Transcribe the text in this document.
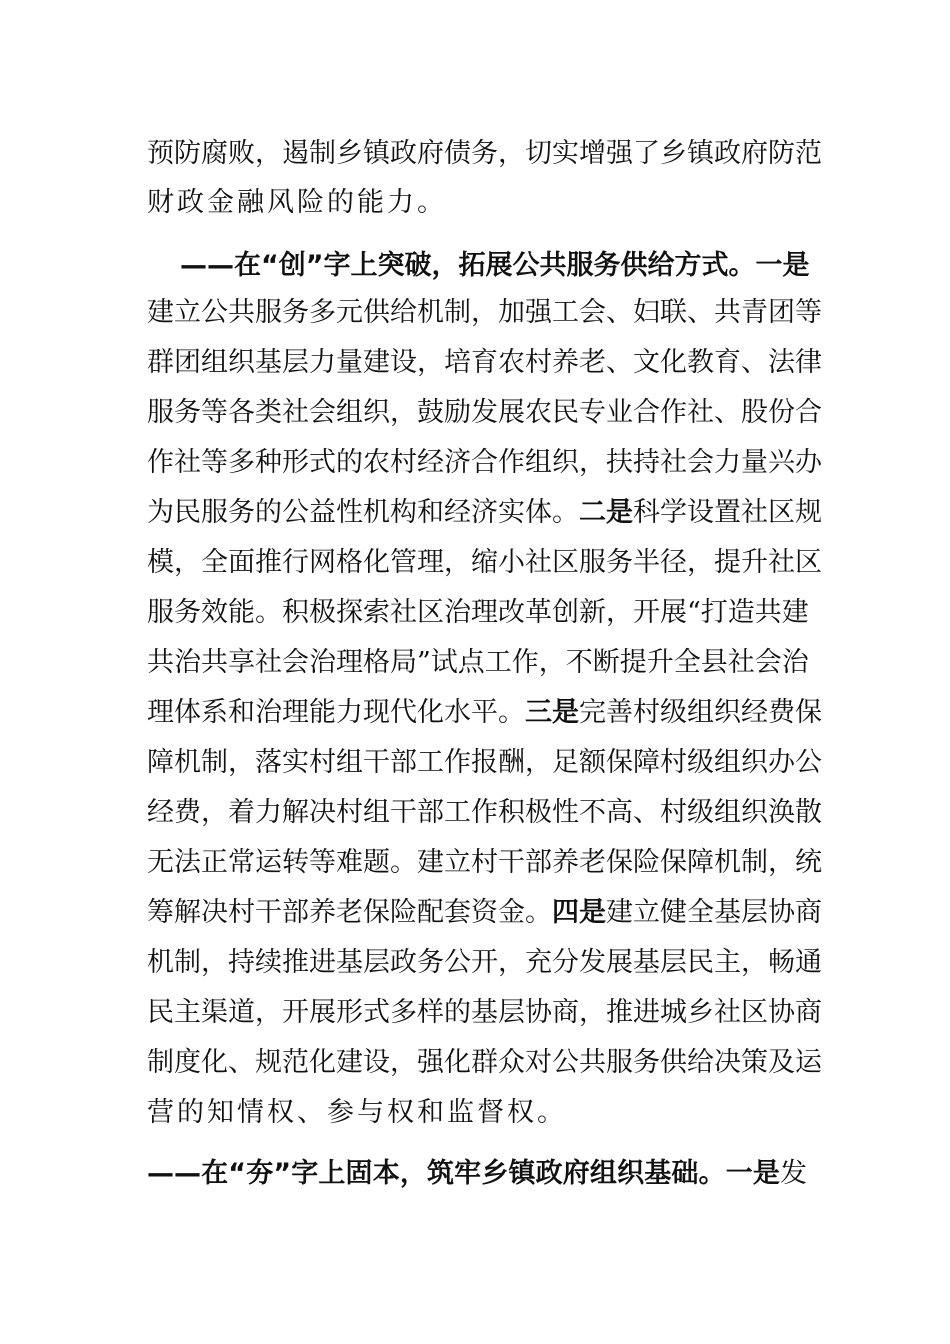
预防腐败，遏制乡镇政府债务，切实增强了乡镇政府防范
财政金融风险的能力。
——在“创”字上突破，拓展公共服务供给方式。一是
建立公共服务多元供给机制，加强工会、妇联、共青团等
群团组织基层力量建设，培育农村养老、文化教育、法律
服务等各类社会组织，鼓励发展农民专业合作社、股份合
作社等多种形式的农村经济合作组织，扶持社会力量兴办
为民服务的公益性机构和经济实体。二是科学设置社区规
模，全面推行网格化管理，缩小社区服务半径，提升社区
服务效能。积极探索社区治理改革创新，开展“打造共建
共治共享社会治理格局”试点工作，不断提升全县社会治
理体系和治理能力现代化水平。三是完善村级组织经费保
障机制，落实村组干部工作报酬，足额保障村级组织办公
经费，着力解决村组干部工作积极性不高、村级组织涣散
无法正常运转等难题。建立村干部养老保险保障机制，统
筹解决村干部养老保险配套资金。四是建立健全基层协商
机制，持续推进基层政务公开，充分发展基层民主，畅通
民主渠道，开展形式多样的基层协商，推进城乡社区协商
制度化、规范化建设，强化群众对公共服务供给决策及运
营的知情权、参与权和监督权。
——在“夯”字上固本，筑牢乡镇政府组织基础。一是发
